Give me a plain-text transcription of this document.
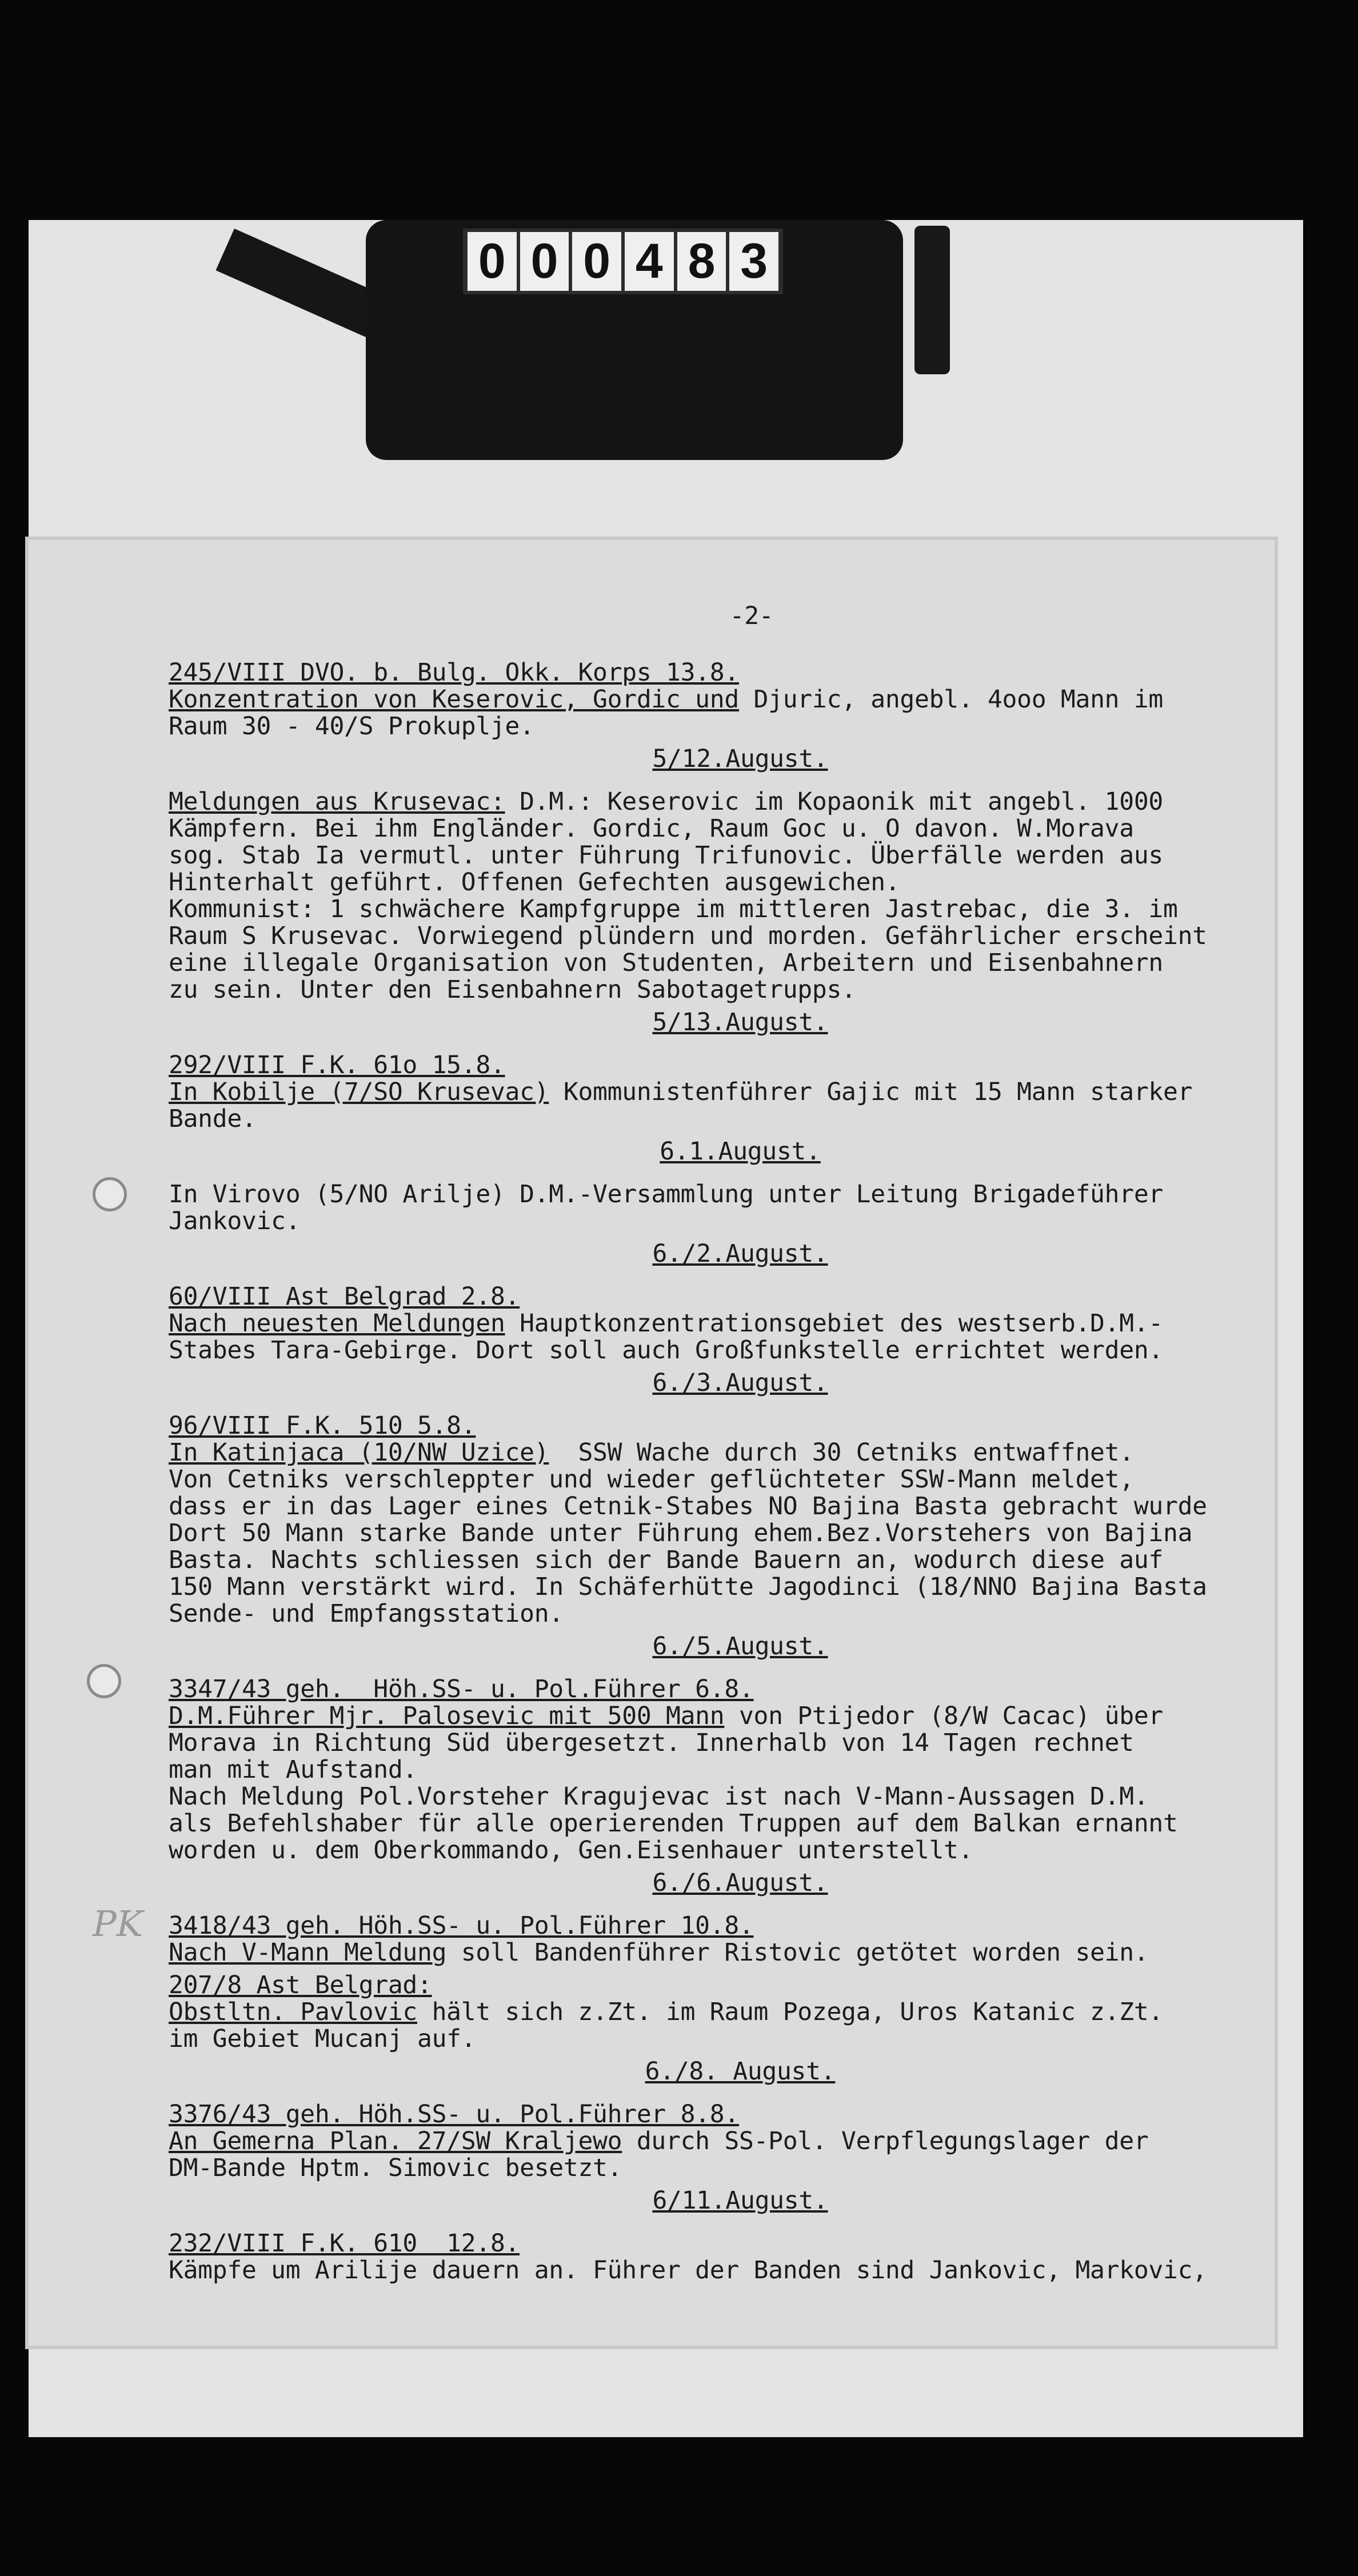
0 0 0 4 8 3
PK
-2-
245/VIII DVO. b. Bulg. Okk. Korps 13.8.
Konzentration von Keserovic, Gordic und Djuric, angebl. 4ooo Mann im
Raum 30 - 40/S Prokuplje.
5/12.August.
Meldungen aus Krusevac: D.M.: Keserovic im Kopaonik mit angebl. 1000
Kämpfern. Bei ihm Engländer. Gordic, Raum Goc u. O davon. W.Morava
sog. Stab Ia vermutl. unter Führung Trifunovic. Überfälle werden aus
Hinterhalt geführt. Offenen Gefechten ausgewichen.
Kommunist: 1 schwächere Kampfgruppe im mittleren Jastrebac, die 3. im
Raum S Krusevac. Vorwiegend plündern und morden. Gefährlicher erscheint
eine illegale Organisation von Studenten, Arbeitern und Eisenbahnern
zu sein. Unter den Eisenbahnern Sabotagetrupps.
5/13.August.
292/VIII F.K. 61o 15.8.
In Kobilje (7/SO Krusevac) Kommunistenführer Gajic mit 15 Mann starker
Bande.
6.1.August.
In Virovo (5/NO Arilje) D.M.-Versammlung unter Leitung Brigadeführer
Jankovic.
6./2.August.
60/VIII Ast Belgrad 2.8.
Nach neuesten Meldungen Hauptkonzentrationsgebiet des westserb.D.M.-
Stabes Tara-Gebirge. Dort soll auch Großfunkstelle errichtet werden.
6./3.August.
96/VIII F.K. 510 5.8.
In Katinjaca (10/NW Uzice)  SSW Wache durch 30 Cetniks entwaffnet.
Von Cetniks verschleppter und wieder geflüchteter SSW-Mann meldet,
dass er in das Lager eines Cetnik-Stabes NO Bajina Basta gebracht wurde
Dort 50 Mann starke Bande unter Führung ehem.Bez.Vorstehers von Bajina
Basta. Nachts schliessen sich der Bande Bauern an, wodurch diese auf
150 Mann verstärkt wird. In Schäferhütte Jagodinci (18/NNO Bajina Basta
Sende- und Empfangsstation.
6./5.August.
3347/43 geh.  Höh.SS- u. Pol.Führer 6.8.
D.M.Führer Mjr. Palosevic mit 500 Mann von Ptijedor (8/W Cacac) über
Morava in Richtung Süd übergesetzt. Innerhalb von 14 Tagen rechnet
man mit Aufstand.
Nach Meldung Pol.Vorsteher Kragujevac ist nach V-Mann-Aussagen D.M.
als Befehlshaber für alle operierenden Truppen auf dem Balkan ernannt
worden u. dem Oberkommando, Gen.Eisenhauer unterstellt.
6./6.August.
3418/43 geh. Höh.SS- u. Pol.Führer 10.8.
Nach V-Mann Meldung soll Bandenführer Ristovic getötet worden sein.
207/8 Ast Belgrad:
Obstltn. Pavlovic hält sich z.Zt. im Raum Pozega, Uros Katanic z.Zt.
im Gebiet Mucanj auf.
6./8. August.
3376/43 geh. Höh.SS- u. Pol.Führer 8.8.
An Gemerna Plan. 27/SW Kraljewo durch SS-Pol. Verpflegungslager der
DM-Bande Hptm. Simovic besetzt.
6/11.August.
232/VIII F.K. 610  12.8.
Kämpfe um Arilije dauern an. Führer der Banden sind Jankovic, Markovic,
